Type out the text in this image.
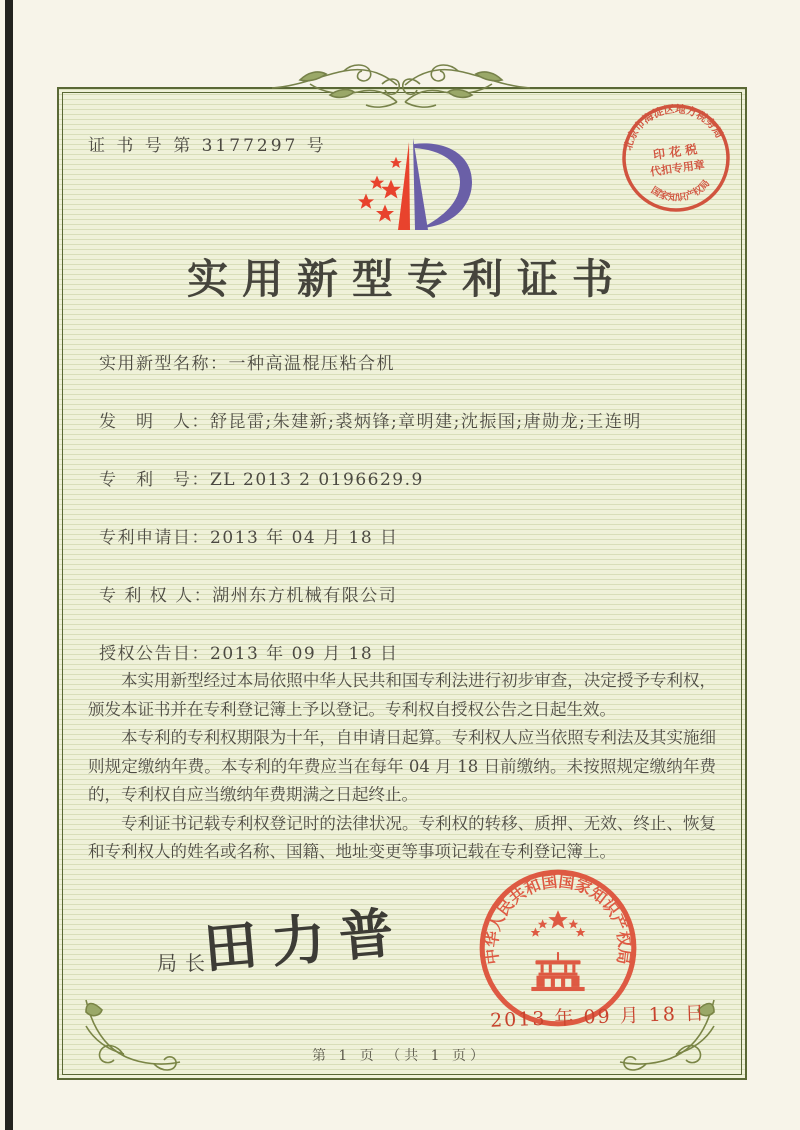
证 书 号 第 3177297 号	北京市海淀区地方税务局
国家知识产权局
印 花 税
代扣专用章
实用新型专利证书
实用新型名称：一种高温棍压粘合机
发　明　人：舒昆雷;朱建新;裘炳锋;章明建;沈振国;唐勋龙;王连明
专　利　号：ZL 2013 2 0196629.9
专利申请日：2013 年 04 月 18 日
专 利 权 人：湖州东方机械有限公司
授权公告日：2013 年 09 月 18 日

本实用新型经过本局依照中华人民共和国专利法进行初步审查，决定授予专利权，颁发本证书并在专利登记簿上予以登记。专利权自授权公告之日起生效。

本专利的专利权期限为十年，自申请日起算。专利权人应当依照专利法及其实施细则规定缴纳年费。本专利的年费应当在每年 04 月 18 日前缴纳。未按照规定缴纳年费的，专利权自应当缴纳年费期满之日起终止。

专利证书记载专利权登记时的法律状况。专利权的转移、质押、无效、终止、恢复和专利权人的姓名或名称、国籍、地址变更等事项记载在专利登记簿上。

局长
田力普	中华人民共和国国家知识产权局
2013 年 09 月 18 日
第 1 页 （共 1 页）
